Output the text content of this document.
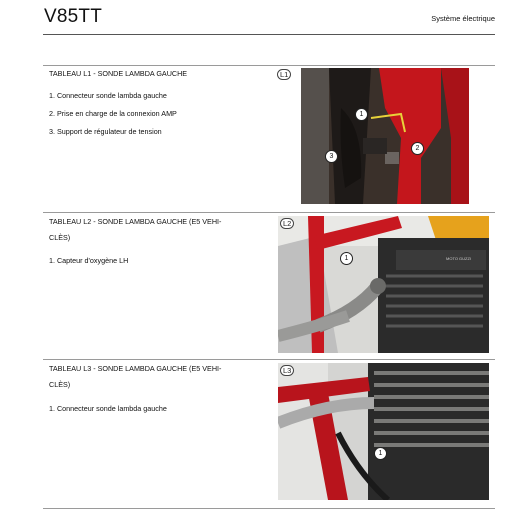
V85TT	Système électrique
TABLEAU L1 - SONDE LAMBDA GAUCHE
1. Connecteur sonde lambda gauche
2. Prise en charge de la connexion AMP
3. Support de régulateur de tension
L1
1
2
3
TABLEAU L2 - SONDE LAMBDA GAUCHE (E5 VEHI-
CLÈS)
1. Capteur d'oxygène LH
L2
MOTO GUZZI
1
TABLEAU L3 - SONDE LAMBDA GAUCHE (E5 VEHI-
CLÈS)
1. Connecteur sonde lambda gauche
L3
1
